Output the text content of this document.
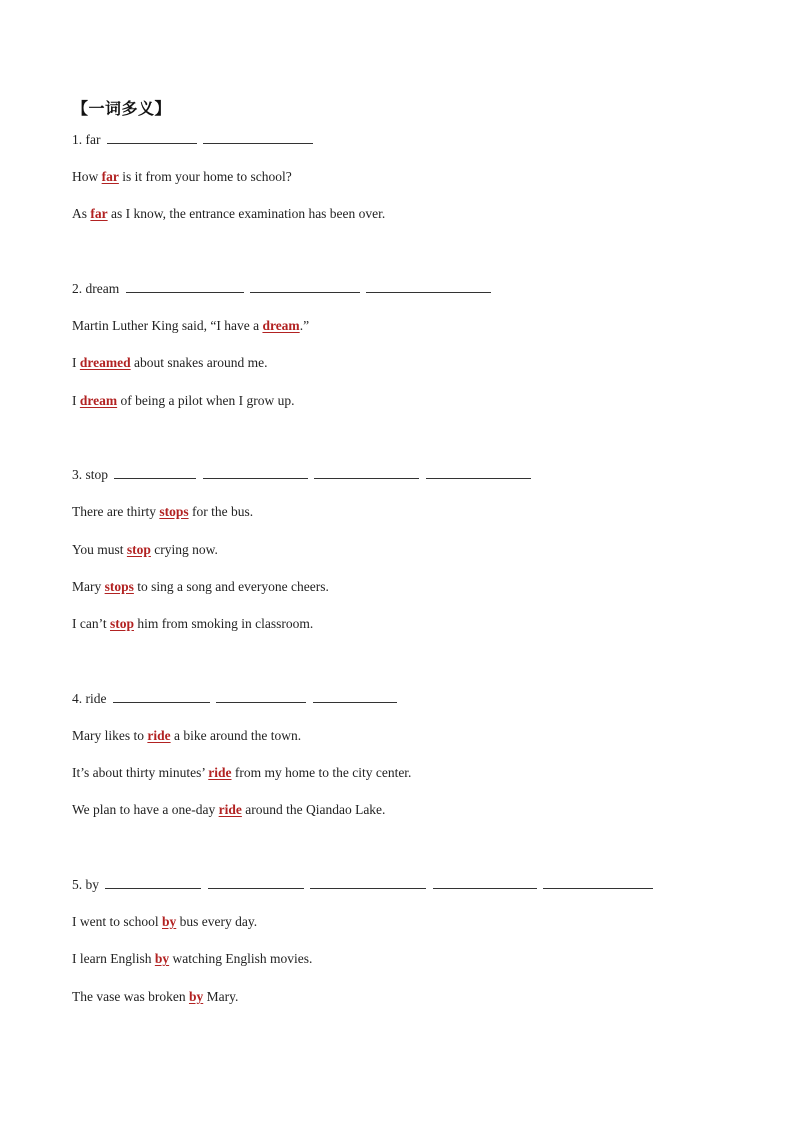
【一词多义】
1. far
How far is it from your home to school?
As far as I know, the entrance examination has been over.
2. dream
Martin Luther King said, “I have a dream.”
I dreamed about snakes around me.
I dream of being a pilot when I grow up.
3. stop
There are thirty stops for the bus.
You must stop crying now.
Mary stops to sing a song and everyone cheers.
I can’t stop him from smoking in classroom.
4. ride
Mary likes to ride a bike around the town.
It’s about thirty minutes’ ride from my home to the city center.
We plan to have a one-day ride around the Qiandao Lake.
5. by
I went to school by bus every day.
I learn English by watching English movies.
The vase was broken by Mary.
